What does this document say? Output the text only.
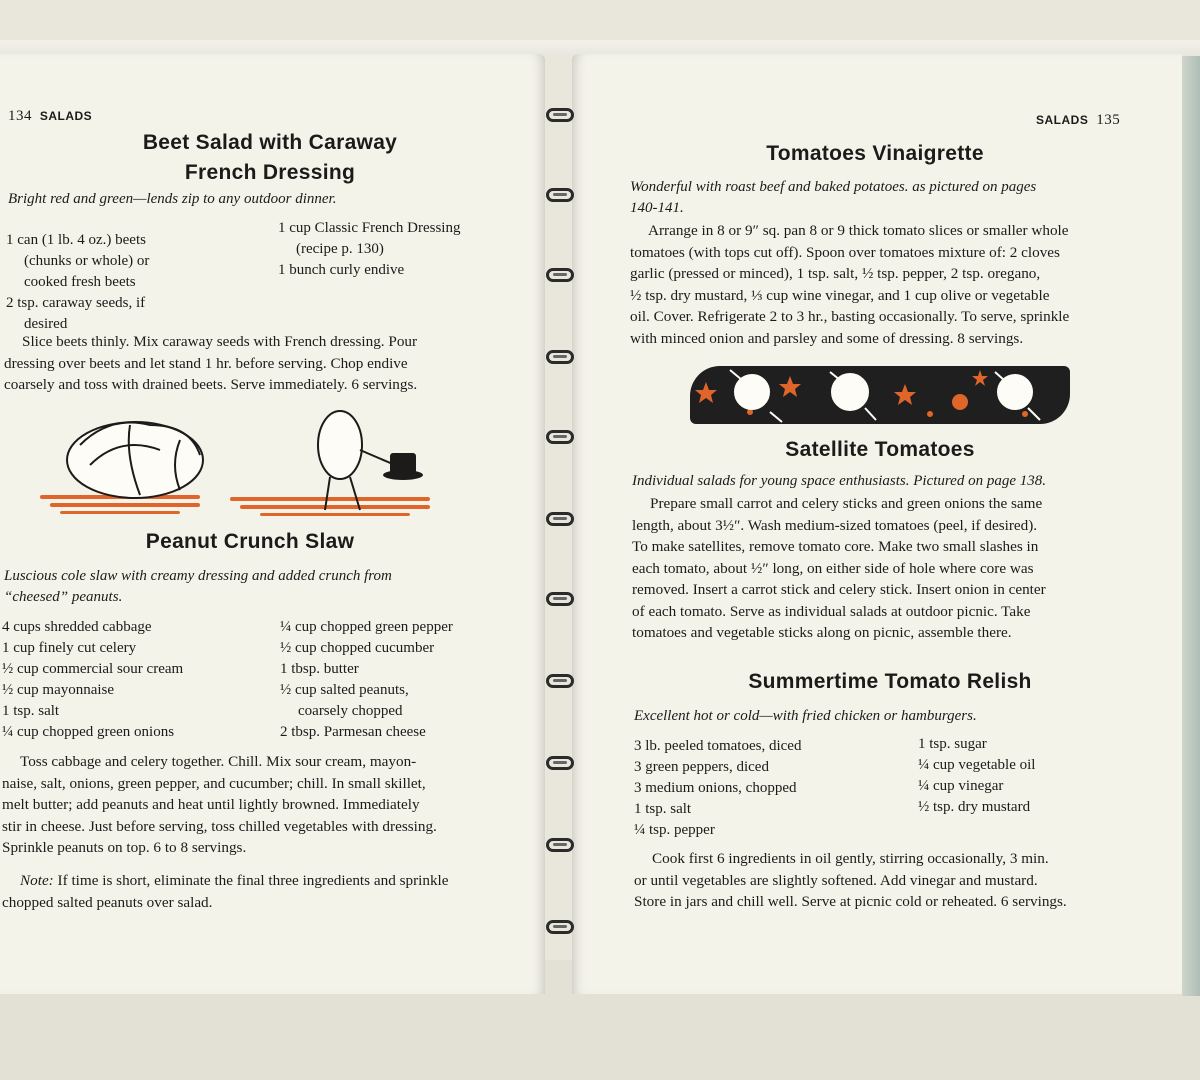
134 SALADS
Beet Salad with Caraway
French Dressing
Bright red and green—lends zip to any outdoor dinner.
1 can (1 lb. 4 oz.) beets
(chunks or whole) or
cooked fresh beets
2 tsp. caraway seeds, if
desired
1 cup Classic French Dressing
(recipe p. 130)
1 bunch curly endive
Slice beets thinly. Mix caraway seeds with French dressing. Pour
dressing over beets and let stand 1 hr. before serving. Chop endive
coarsely and toss with drained beets. Serve immediately. 6 servings.
Peanut Crunch Slaw
Luscious cole slaw with creamy dressing and added crunch from
“cheesed” peanuts.
4 cups shredded cabbage
1 cup finely cut celery
½ cup commercial sour cream
½ cup mayonnaise
1 tsp. salt
¼ cup chopped green onions
¼ cup chopped green pepper
½ cup chopped cucumber
1 tbsp. butter
½ cup salted peanuts,
coarsely chopped
2 tbsp. Parmesan cheese
Toss cabbage and celery together. Chill. Mix sour cream, mayon-
naise, salt, onions, green pepper, and cucumber; chill. In small skillet,
melt butter; add peanuts and heat until lightly browned. Immediately
stir in cheese. Just before serving, toss chilled vegetables with dressing.
Sprinkle peanuts on top. 6 to 8 servings.
Note: If time is short, eliminate the final three ingredients and sprinkle
chopped salted peanuts over salad.
SALADS 135
Tomatoes Vinaigrette
Wonderful with roast beef and baked potatoes. as pictured on pages
140-141.
Arrange in 8 or 9″ sq. pan 8 or 9 thick tomato slices or smaller whole
tomatoes (with tops cut off). Spoon over tomatoes mixture of: 2 cloves
garlic (pressed or minced), 1 tsp. salt, ½ tsp. pepper, 2 tsp. oregano,
½ tsp. dry mustard, ⅓ cup wine vinegar, and 1 cup olive or vegetable
oil. Cover. Refrigerate 2 to 3 hr., basting occasionally. To serve, sprinkle
with minced onion and parsley and some of dressing. 8 servings.
Satellite Tomatoes
Individual salads for young space enthusiasts. Pictured on page 138.
Prepare small carrot and celery sticks and green onions the same
length, about 3½″. Wash medium-sized tomatoes (peel, if desired).
To make satellites, remove tomato core. Make two small slashes in
each tomato, about ½″ long, on either side of hole where core was
removed. Insert a carrot stick and celery stick. Insert onion in center
of each tomato. Serve as individual salads at outdoor picnic. Take
tomatoes and vegetable sticks along on picnic, assemble there.
Summertime Tomato Relish
Excellent hot or cold—with fried chicken or hamburgers.
3 lb. peeled tomatoes, diced
3 green peppers, diced
3 medium onions, chopped
1 tsp. salt
¼ tsp. pepper
1 tsp. sugar
¼ cup vegetable oil
¼ cup vinegar
½ tsp. dry mustard
Cook first 6 ingredients in oil gently, stirring occasionally, 3 min.
or until vegetables are slightly softened. Add vinegar and mustard.
Store in jars and chill well. Serve at picnic cold or reheated. 6 servings.
